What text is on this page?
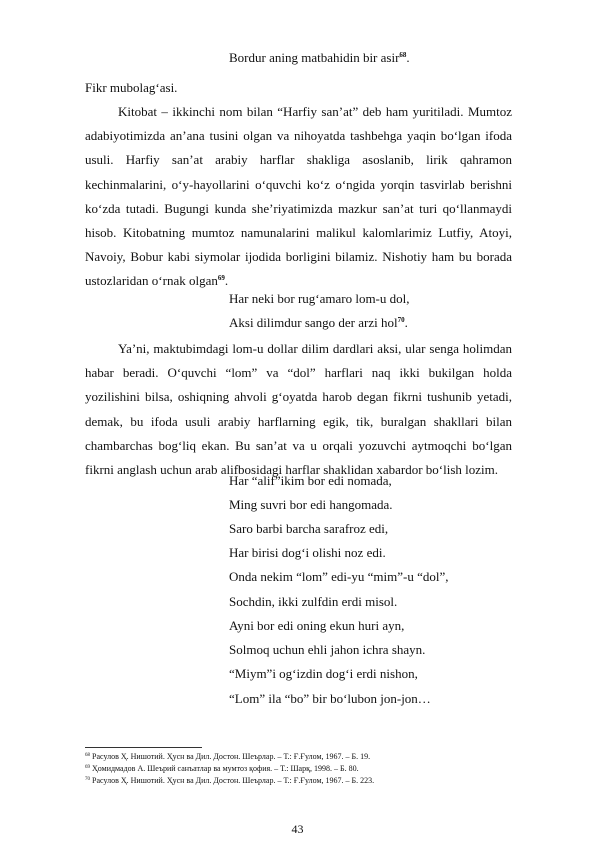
Bordur aning matbahidin bir asir$^{68}$.
Fikr mubolag‘asi.

Kitobat – ikkinchi nom bilan “Harfiy san’at” deb ham yuritiladi. Mumtoz adabiyotimizda an’ana tusini olgan va nihoyatda tashbehga yaqin bo‘lgan ifoda usuli. Harfiy san’at arabiy harflar shakliga asoslanib, lirik qahramon kechinmalarini, o‘y-hayollarini o‘quvchi ko‘z o‘ngida yorqin tasvirlab berishni ko‘zda tutadi. Bugungi kunda she’riyatimizda mazkur san’at turi qo‘llanmaydi hisob. Kitobatning mumtoz namunalarini malikul kalomlarimiz Lutfiy, Atoyi, Navoiy, Bobur kabi siymolar ijodida borligini bilamiz. Nishotiy ham bu borada ustozlaridan o‘rnak olgan$^{69}$.

Har neki bor rug‘amaro lom-u dol,
Aksi dilimdur sango der arzi hol$^{70}$.

Ya’ni, maktubimdagi lom-u dollar dilim dardlari aksi, ular senga holimdan habar beradi. O‘quvchi “lom” va “dol” harflari naq ikki bukilgan holda yozilishini bilsa, oshiqning ahvoli g‘oyatda harob degan fikrni tushunib yetadi, demak, bu ifoda usuli arabiy harflarning egik, tik, buralgan shakllari bilan chambarchas bog‘liq ekan. Bu san’at va u orqali yozuvchi aytmoqchi bo‘lgan fikrni anglash uchun arab alifbosidagi harflar shaklidan xabardor bo‘lish lozim.

Har “alif”ikim bor edi nomada,
Ming suvri bor edi hangomada.
Saro barbi barcha sarafroz edi,
Har birisi dog‘i olishi noz edi.
Onda nekim “lom” edi-yu “mim”-u “dol”,
Sochdin, ikki zulfdin erdi misol.
Ayni bor edi oning ekun huri ayn,
Solmoq uchun ehli jahon ichra shayn.
“Miym”i og‘izdin dog‘i erdi nishon,
“Lom” ila “bo” bir bo‘lubon jon-jon…
$^{68}$ Расулов Ҳ. Нишотий. Ҳусн ва Дил. Достон. Шеърлар. – Т.: Ғ.Ғулом, 1967. – Б. 19.
$^{69}$ Ҳомидмадов А. Шеърий санъатлар ва мумтоз қофия. – Т.: Шарқ, 1998. – Б. 80.
$^{70}$ Расулов Ҳ. Нишотий. Ҳусн ва Дил. Достон. Шеърлар. – Т.: Ғ.Ғулом, 1967. – Б. 223.
43
